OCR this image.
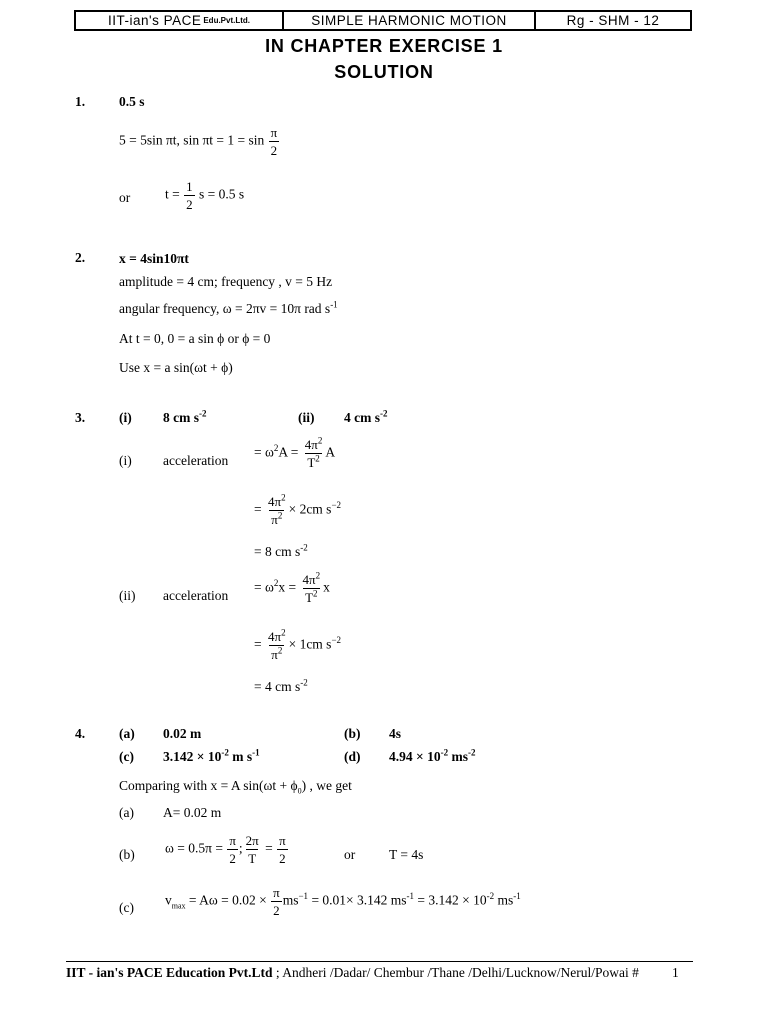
IIT-ian's PACE Edu.Pvt.Ltd.	SIMPLE HARMONIC MOTION	Rg - SHM - 12
IN CHAPTER EXERCISE 1
SOLUTION
1.	0.5 s
5 = 5sin πt, $\sin \pi t = 1 = \sin \frac{\pi}{2}$
or	$t = \frac{1}{2}$ s = 0.5 s
2.	x = 4sin10πt
amplitude = 4 cm; frequency , v = 5 Hz
angular frequency, ω = 2πv = 10π rad $s^{-1}$
At t = 0, 0 = a sin ϕ or ϕ = 0
Use x = a sin(ωt + ϕ)
3.	(i) 8 cm $s^{-2}$	(ii) 4 cm $s^{-2}$
(i) acceleration
= $\omega^2A = \frac{4\pi^2}{T^2}$ A
= $\frac{4\pi^2}{\pi^2} \times 2cm$ $s^{-2}$
= 8 cm $s^{-2}$
(ii) acceleration
= $\omega^2x = \frac{4\pi^2}{T^2}$ x
= $\frac{4\pi^2}{\pi^2} \times 1cm$ $s^{-2}$
= 4 cm $s^{-2}$
4.	(a) 0.02 m	(b) 4s
(c) $3.142 \times 10^{-2}$ m $s^{-1}$	(d) $4.94 \times 10^{-2}$ $ms^{-2}$
Comparing with x = A $\sin(\omega t + \phi_0)$ , we get
(a) A= 0.02 m
(b) $\omega = 0.5\pi = \frac{\pi}{2}$ ; $\frac{2\pi}{T} = \frac{\pi}{2}$	or	T = 4s
(c) $v_{max} = A\omega = 0.02 \times \frac{\pi}{2} ms^{-1} = 0.01\times 3.142$ $ms^{-1} = 3.142 \times 10^{-2}$ $ms^{-1}$
IIT - ian's PACE Education Pvt.Ltd ; Andheri /Dadar/ Chembur /Thane /Delhi/Lucknow/Nerul/Powai # 1
